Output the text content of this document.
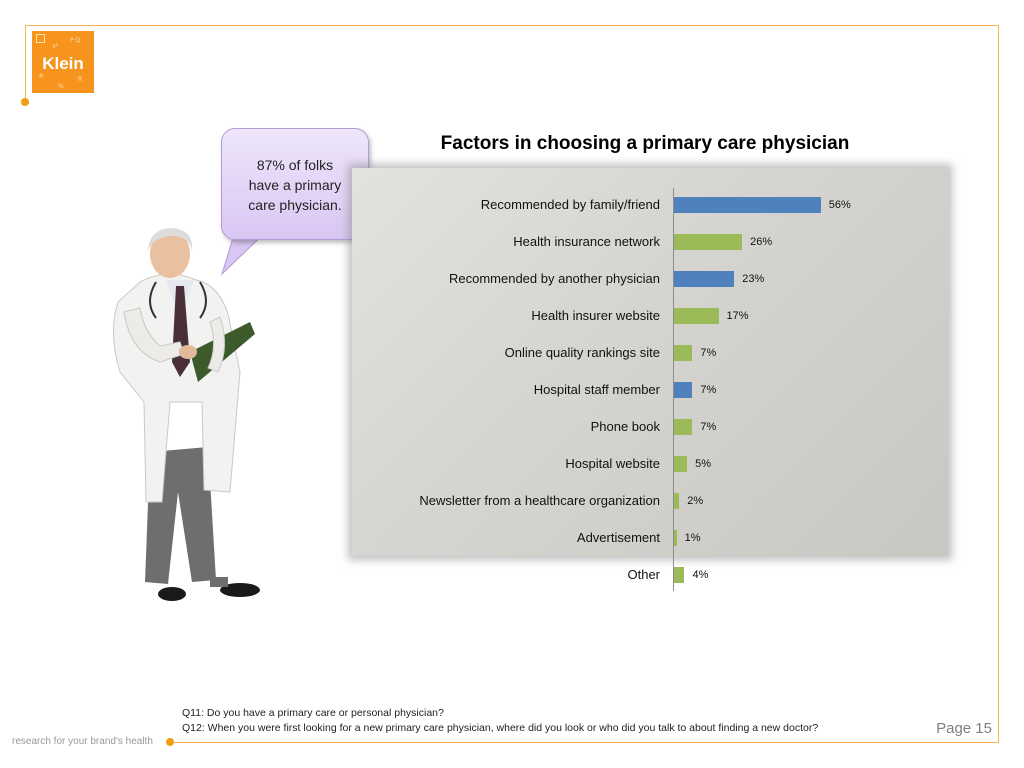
x²
P·Q
®	R
%
Klein
87% of folks
have a primary
care physician.
Factors in choosing a primary care physician
Recommended by family/friend	56%
Health insurance network	26%
Recommended by another physician	23%
Health insurer website	17%
Online quality rankings site	7%
Hospital staff member	7%
Phone book	7%
Hospital website	5%
Newsletter from a healthcare organization 2%
Advertisement 1%
Other	4%
Q11: Do you have a primary care or personal physician?
Q12: When you were first looking for a new primary care physician, where did you look or who did you talk to about finding a new doctor?
research for your brand's health
Page 15
